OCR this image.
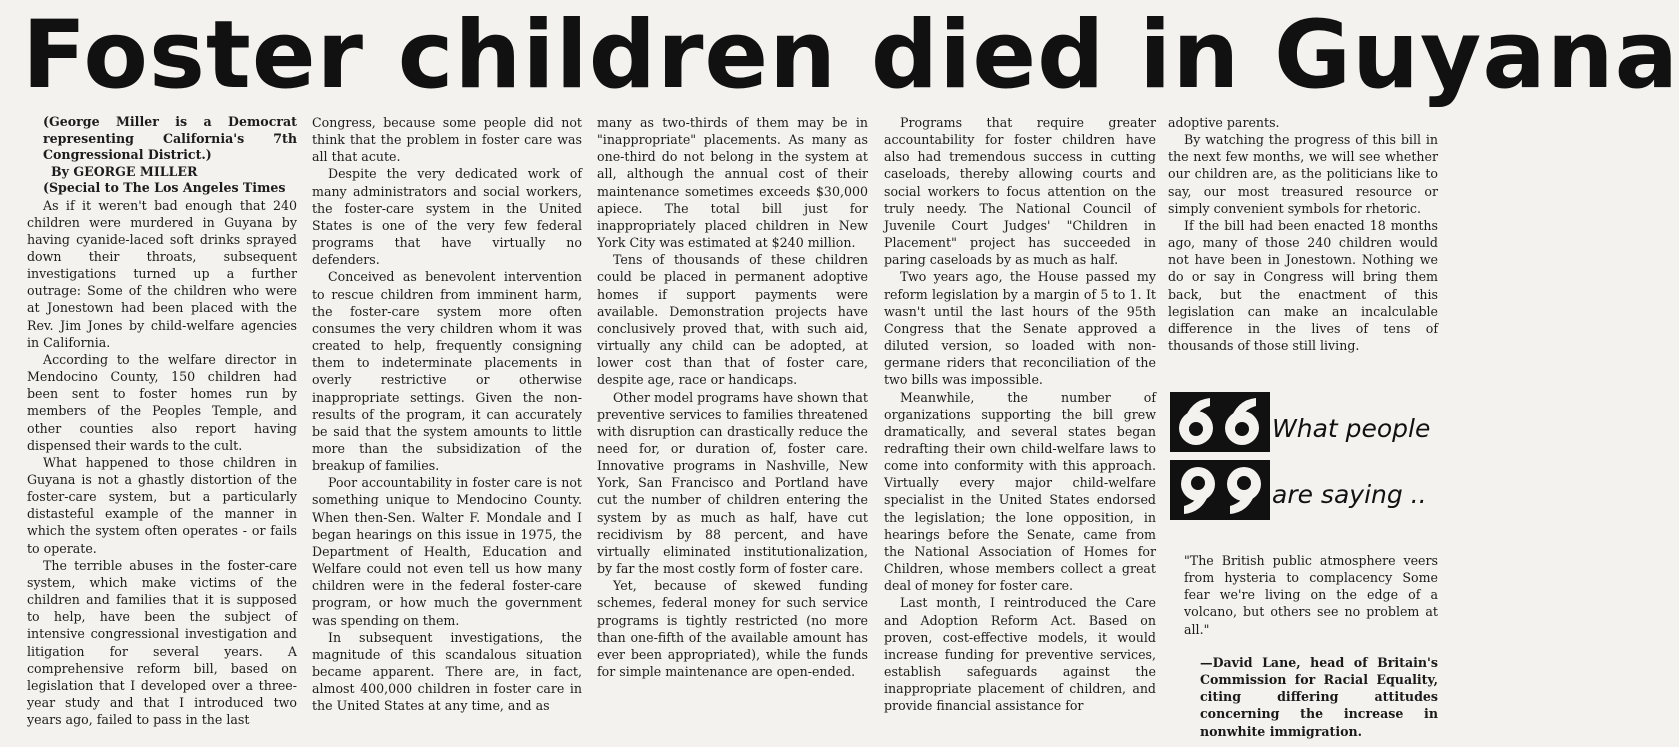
Foster children died in Guyana

(George Miller is a Democrat representing California's 7th Congressional District.)

By GEORGE MILLER

(Special to The Los Angeles Times

As if it weren't bad enough that 240 children were murdered in Guyana by having cyanide-laced soft drinks sprayed down their throats, subsequent investigations turned up a further outrage: Some of the children who were at Jonestown had been placed with the Rev. Jim Jones by child-welfare agencies in California.

According to the welfare director in Mendocino County, 150 children had been sent to foster homes run by members of the Peoples Temple, and other counties also report having dispensed their wards to the cult.

What happened to those children in Guyana is not a ghastly distortion of the foster-care system, but a particularly distasteful example of the manner in which the system often operates - or fails to operate.

The terrible abuses in the foster-care system, which make victims of the children and families that it is supposed to help, have been the subject of intensive congressional investigation and litigation for several years. A comprehensive reform bill, based on legislation that I developed over a three-year study and that I introduced two years ago, failed to pass in the last

Congress, because some people did not think that the problem in foster care was all that acute.

Despite the very dedicated work of many administrators and social workers, the foster-care system in the United States is one of the very few federal programs that have virtually no defenders.

Conceived as benevolent intervention to rescue children from imminent harm, the foster-care system more often consumes the very children whom it was created to help, frequently consigning them to indeterminate placements in overly restrictive or otherwise inappropriate settings. Given the non-results of the program, it can accurately be said that the system amounts to little more than the subsidization of the breakup of families.

Poor accountability in foster care is not something unique to Mendocino County. When then-Sen. Walter F. Mondale and I began hearings on this issue in 1975, the Department of Health, Education and Welfare could not even tell us how many children were in the federal foster-care program, or how much the government was spending on them.

In subsequent investigations, the magnitude of this scandalous situation became apparent. There are, in fact, almost 400,000 children in foster care in the United States at any time, and as

many as two-thirds of them may be in "inappropriate" placements. As many as one-third do not belong in the system at all, although the annual cost of their maintenance sometimes exceeds $30,000 apiece. The total bill just for inappropriately placed children in New York City was estimated at $240 million.

Tens of thousands of these children could be placed in permanent adoptive homes if support payments were available. Demonstration projects have conclusively proved that, with such aid, virtually any child can be adopted, at lower cost than that of foster care, despite age, race or handicaps.

Other model programs have shown that preventive services to families threatened with disruption can drastically reduce the need for, or duration of, foster care. Innovative programs in Nashville, New York, San Francisco and Portland have cut the number of children entering the system by as much as half, have cut recidivism by 88 percent, and have virtually eliminated institutionalization, by far the most costly form of foster care.

Yet, because of skewed funding schemes, federal money for such service programs is tightly restricted (no more than one-fifth of the available amount has ever been appropriated), while the funds for simple maintenance are open-ended.

Programs that require greater accountability for foster children have also had tremendous success in cutting caseloads, thereby allowing courts and social workers to focus attention on the truly needy. The National Council of Juvenile Court Judges' "Children in Placement" project has succeeded in paring caseloads by as much as half.

Two years ago, the House passed my reform legislation by a margin of 5 to 1. It wasn't until the last hours of the 95th Congress that the Senate approved a diluted version, so loaded with non-germane riders that reconciliation of the two bills was impossible.

Meanwhile, the number of organizations supporting the bill grew dramatically, and several states began redrafting their own child-welfare laws to come into conformity with this approach. Virtually every major child-welfare specialist in the United States endorsed the legislation; the lone opposition, in hearings before the Senate, came from the National Association of Homes for Children, whose members collect a great deal of money for foster care.

Last month, I reintroduced the Care and Adoption Reform Act. Based on proven, cost-effective models, it would increase funding for preventive services, establish safeguards against the inappropriate placement of children, and provide financial assistance for

adoptive parents.

By watching the progress of this bill in the next few months, we will see whether our children are, as the politicians like to say, our most treasured resource or simply convenient symbols for rhetoric.

If the bill had been enacted 18 months ago, many of those 240 children would not have been in Jonestown. Nothing we do or say in Congress will bring them back, but the enactment of this legislation can make an incalculable difference in the lives of tens of thousands of those still living.

What people
are saying ..

"The British public atmosphere veers from hysteria to complacency Some fear we're living on the edge of a volcano, but others see no problem at all."

—David Lane, head of Britain's Commission for Racial Equality, citing differing attitudes concerning the increase in nonwhite immigration.
